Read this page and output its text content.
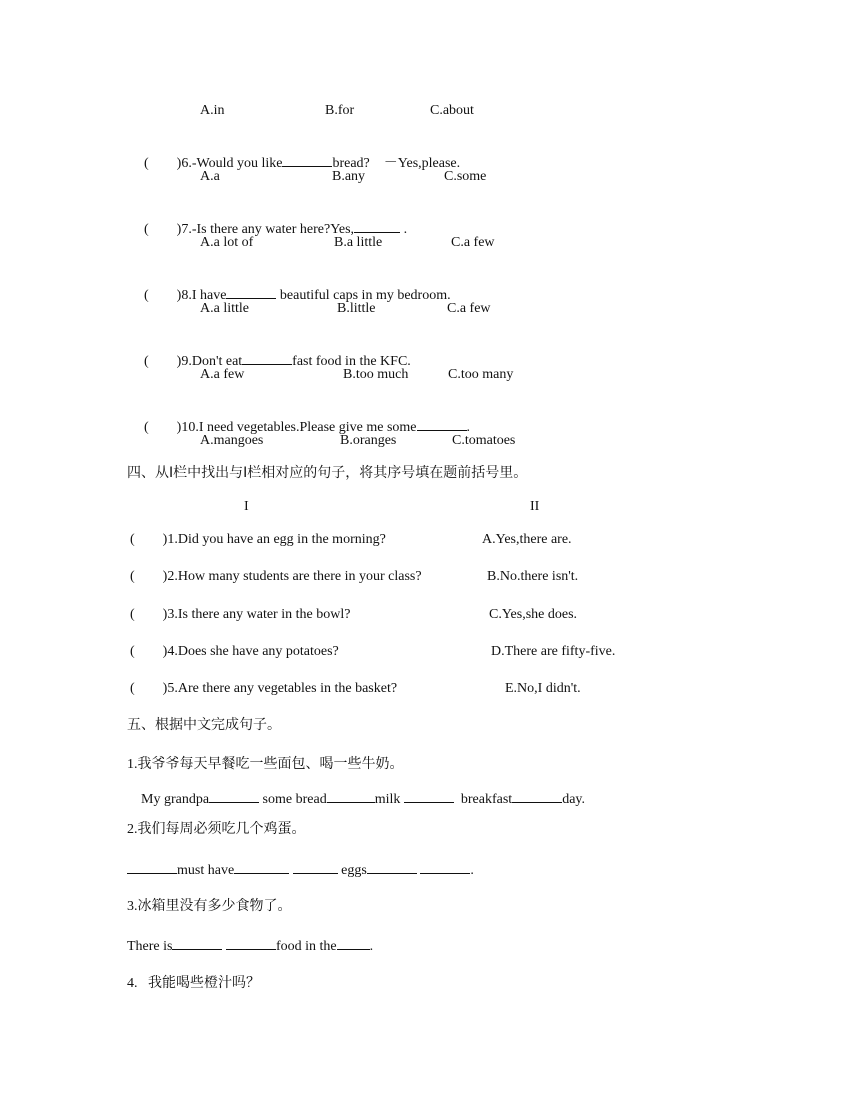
A.in	B.for	C.about

(　　)6.-Would you like	bread? －Yes,please.

A.a	B.any	C.some

(　　)7.-Is there any water here?Yes,	.

A.a lot of	B.a little	C.a few

(　　)8.I have	beautiful caps in my bedroom.

A.a little	B.little	C.a few

(　　)9.Don't eat	fast food in the KFC.

A.a few	B.too much	C.too many

(　　)10.I need vegetables.Please give me some	.

A.mangoes	B.oranges	C.tomatoes
四、从I栏中找出与I栏相对应的句子，将其序号填在题前括号里。
I	II
(　　)1.Did you have an egg in the morning?	A.Yes,there are.
(　　)2.How many students are there in your class?	B.No.there isn't.
(　　)3.Is there any water in the bowl?	C.Yes,she does.
(　　)4.Does she have any potatoes?	D.There are fifty-five.
(　　)5.Are there any vegetables in the basket?	E.No,I didn't.
五、根据中文完成句子。
1.我爷爷每天早餐吃一些面包、喝一些牛奶。
My grandpa	some bread	milk	breakfast	day.
2.我们每周必须吃几个鸡蛋。
must have	eggs	.
3.冰箱里没有多少食物了。
There is	food in the .
4. 我能喝些橙汁吗？
